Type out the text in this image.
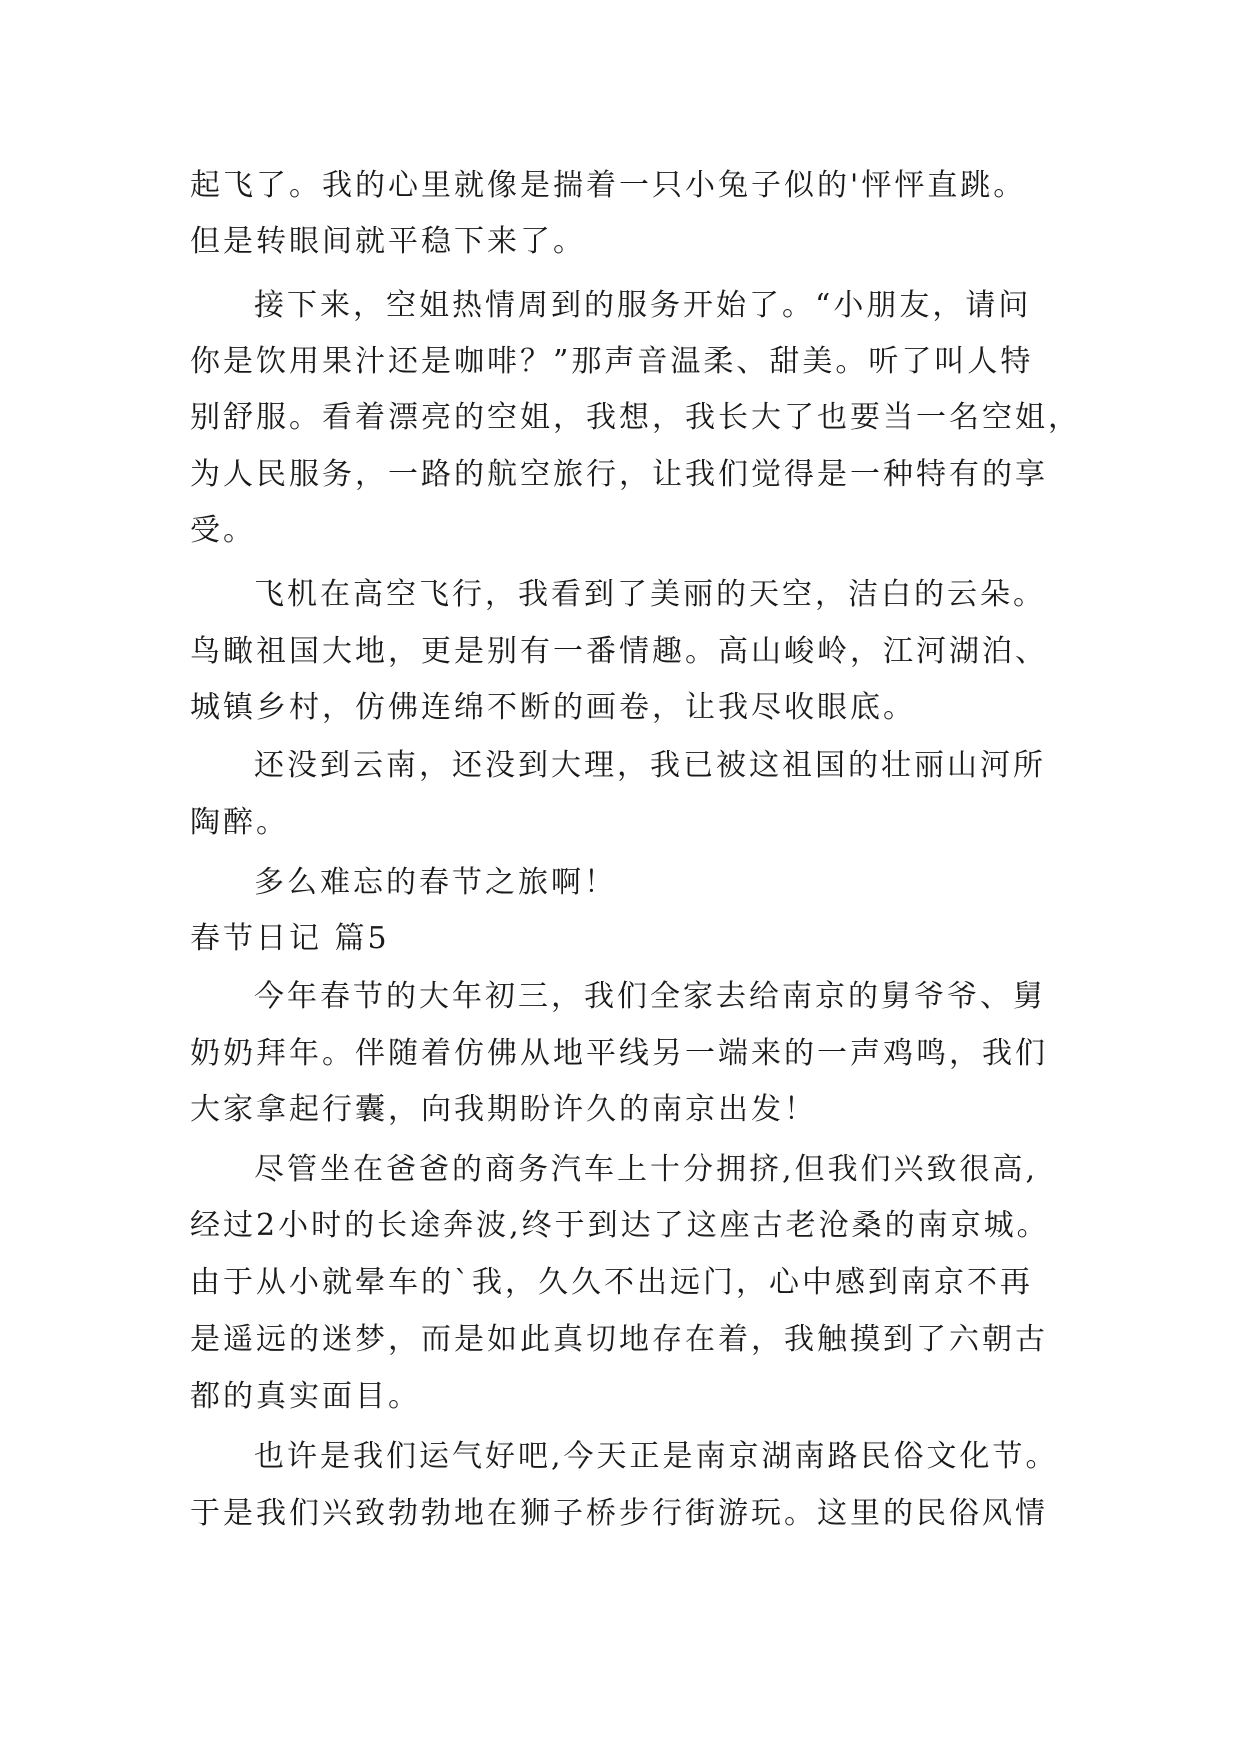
起飞了。我的心里就像是揣着一只小兔子似的'怦怦直跳。
但是转眼间就平稳下来了。
接下来，空姐热情周到的服务开始了。“小朋友，请问
你是饮用果汁还是咖啡？”那声音温柔、甜美。听了叫人特
别舒服。看着漂亮的空姐，我想，我长大了也要当一名空姐，
为人民服务，一路的航空旅行，让我们觉得是一种特有的享
受。
飞机在高空飞行，我看到了美丽的天空，洁白的云朵。
鸟瞰祖国大地，更是别有一番情趣。高山峻岭，江河湖泊、
城镇乡村，仿佛连绵不断的画卷，让我尽收眼底。
还没到云南，还没到大理，我已被这祖国的壮丽山河所
陶醉。
多么难忘的春节之旅啊！
春节日记 篇5
今年春节的大年初三，我们全家去给南京的舅爷爷、舅
奶奶拜年。伴随着仿佛从地平线另一端来的一声鸡鸣，我们
大家拿起行囊，向我期盼许久的南京出发！
尽管坐在爸爸的商务汽车上十分拥挤,但我们兴致很高,
经过2小时的长途奔波,终于到达了这座古老沧桑的南京城。
由于从小就晕车的`我，久久不出远门，心中感到南京不再
是遥远的迷梦，而是如此真切地存在着，我触摸到了六朝古
都的真实面目。
也许是我们运气好吧,今天正是南京湖南路民俗文化节。
于是我们兴致勃勃地在狮子桥步行街游玩。这里的民俗风情
